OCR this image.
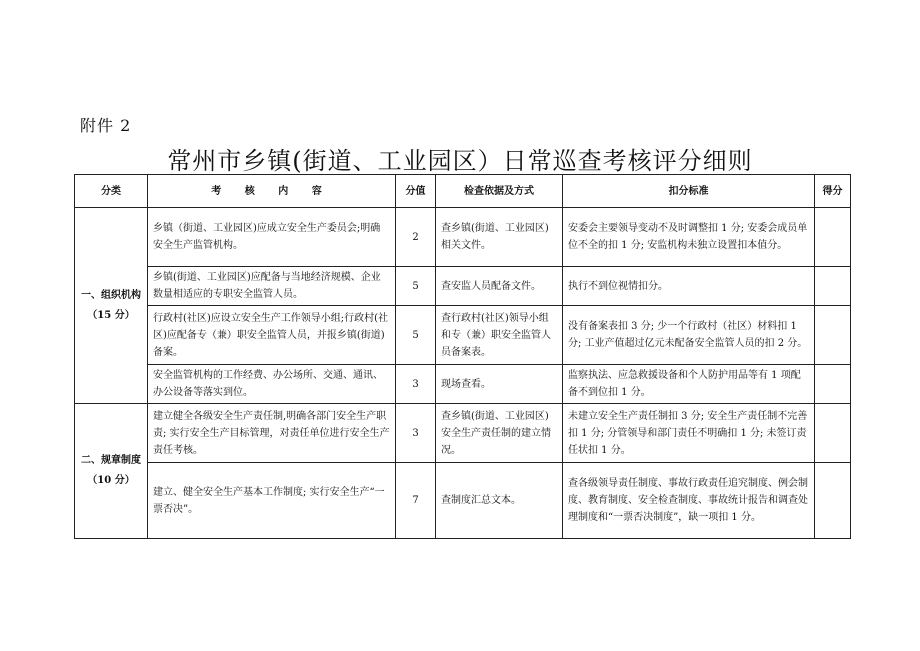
附件 2
常州市乡镇(街道、工业园区）日常巡查考核评分细则
分类	考 核 内 容	分值	检查依据及方式	扣分标准	得分

一、组织机构
（15 分）	乡镇（街道、工业园区)应成立安全生产委员会;明确安全生产监管机构。	2	查乡镇(街道、工业园区)相关文件。	安委会主要领导变动不及时调整扣 1 分; 安委会成员单位不全的扣 1 分; 安监机构未独立设置扣本值分。	
	乡镇(街道、工业园区)应配备与当地经济规模、企业数量相适应的专职安全监管人员。	5	查安监人员配备文件。	执行不到位视情扣分。	
	行政村(社区)应设立安全生产工作领导小组;行政村(社区)应配备专（兼）职安全监管人员，并报乡镇(街道)备案。	5	查行政村(社区)领导小组和专（兼）职安全监管人员备案表。	没有备案表扣 3 分; 少一个行政村（社区）材料扣 1 分; 工业产值超过亿元未配备安全监管人员的扣 2 分。	
	安全监管机构的工作经费、办公场所、交通、通讯、办公设备等落实到位。	3	现场查看。	监察执法、应急救援设备和个人防护用品等有 1 项配备不到位扣 1 分。	

二、规章制度
（10 分）	建立健全各级安全生产责任制,明确各部门安全生产职责; 实行安全生产目标管理，对责任单位进行安全生产责任考核。	3	查乡镇(街道、工业园区)安全生产责任制的建立情况。	未建立安全生产责任制扣 3 分; 安全生产责任制不完善扣 1 分; 分管领导和部门责任不明确扣 1 分; 未签订责任状扣 1 分。	
	建立、健全安全生产基本工作制度; 实行安全生产“一票否决”。	7	查制度汇总文本。	查各级领导责任制度、事故行政责任追究制度、例会制度、教育制度、安全检查制度、事故统计报告和调查处理制度和“一票否决制度”，缺一项扣 1 分。	
